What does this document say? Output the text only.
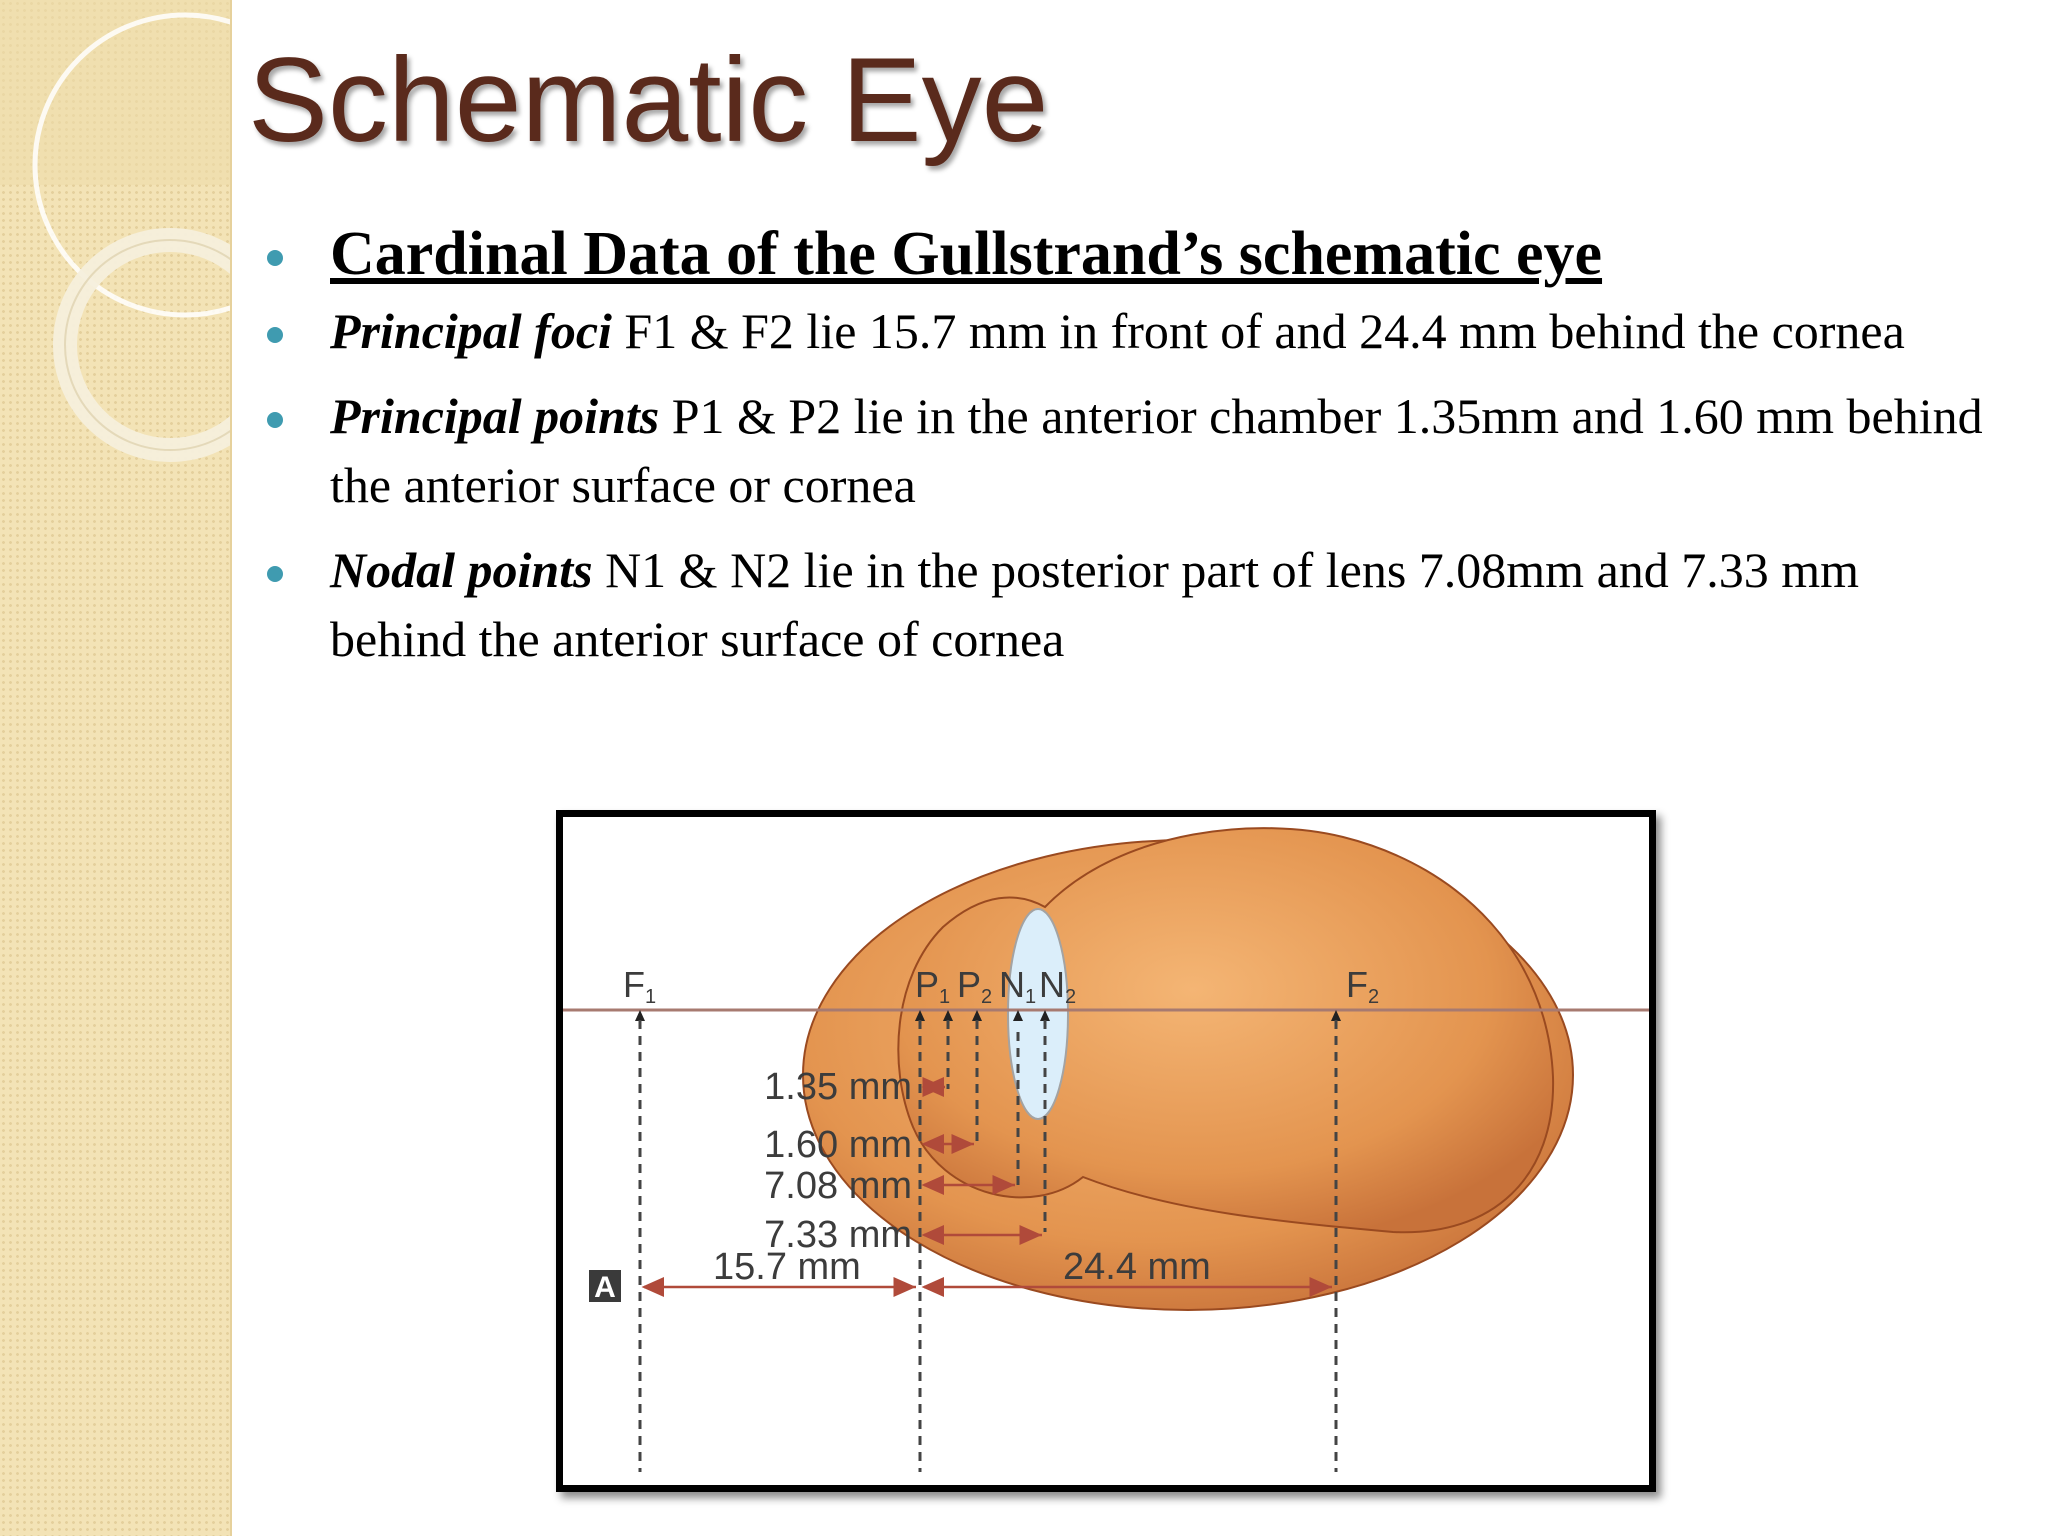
Schematic Eye
Cardinal Data of the Gullstrand’s schematic eye
Principal foci F1 & F2 lie 15.7 mm in front of and 24.4 mm behind the cornea
Principal points P1 & P2 lie in the anterior chamber 1.35mm and 1.60 mm behind the anterior surface or cornea
Nodal points N1 & N2 lie in the posterior part of lens 7.08mm and 7.33 mm behind the anterior surface of cornea
F1	P1 P2 N1 N2	F2
1.35 mm
1.60 mm
7.08 mm
7.33 mm
15.7 mm	24.4 mm
A
